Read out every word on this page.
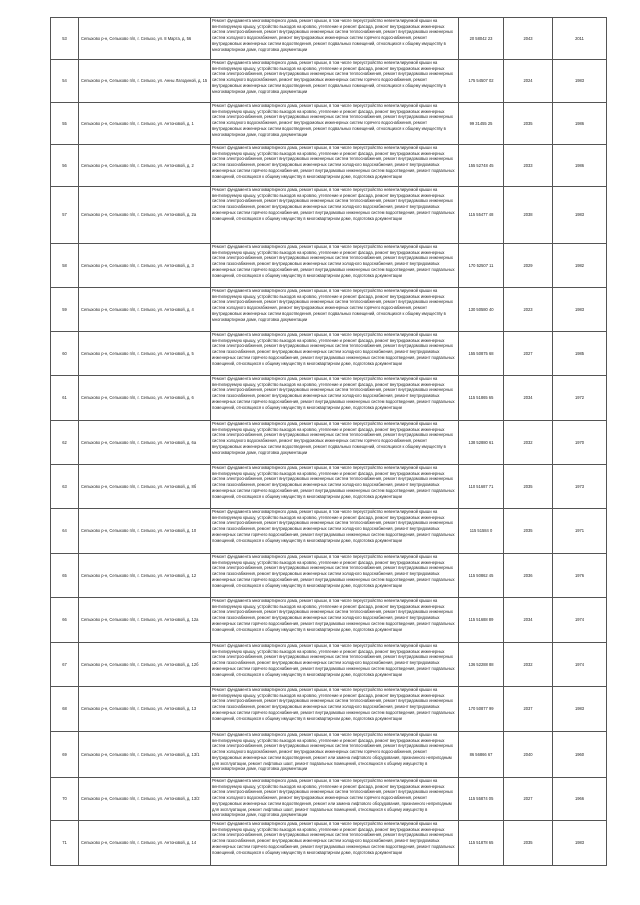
53	Сепыхово р-н, Сепыхово п/п, г. Сепыхо, ул. 8 Марта, д. 56	Ремонт фундамента многоквартирного дома, ремонт крыши, в том числе переустройство невентилируемой крыши на вентилируемую крышу, устройство выходов на кровлю, утепление и ремонт фасада, ремонт внутридомовых инженерных систем электроснабжения, ремонт внутридомовых инженерных систем теплоснабжения, ремонт внутридомовых инженерных систем холодного водоснабжения, ремонт внутридомовых инженерных систем горячего водоснабжения, ремонт внутридомовых инженерных систем водоотведения, ремонт подвальных помещений, относящихся к общему имуществу в многоквартирном доме, подготовка документации	20 58042 23	2043	2011

54	Сепыхово р-н, Сепыхово п/п, г. Сепыхо, ул. Анны Лагодиной, д. 15	Ремонт фундамента многоквартирного дома, ремонт крыши, в том числе переустройство невентилируемой крыши на вентилируемую крышу, устройство выходов на кровлю, утепление и ремонт фасада, ремонт внутридомовых инженерных систем электроснабжения, ремонт внутридомовых инженерных систем теплоснабжения, ремонт внутридомовых инженерных систем холодного водоснабжения, ремонт внутридомовых инженерных систем горячего водоснабжения, ремонт внутридомовых инженерных систем водоотведения, ремонт подвальных помещений, относящихся к общему имуществу в многоквартирном доме, подготовка документации	175 54507 02	2024	1983

55	Сепыхово р-н, Сепыхово п/п, г. Сепыхо, ул. Антоновой, д. 1	Ремонт фундамента многоквартирного дома, ремонт крыши, в том числе переустройство невентилируемой крыши на вентилируемую крышу, устройство выходов на кровлю, утепление и ремонт фасада, ремонт внутридомовых инженерных систем электроснабжения, ремонт внутридомовых инженерных систем теплоснабжения, ремонт внутридомовых инженерных систем холодного водоснабжения, ремонт внутридомовых инженерных систем горячего водоснабжения, ремонт внутридомовых инженерных систем водоотведения, ремонт подвальных помещений, относящихся к общему имуществу в многоквартирном доме, подготовка документации	99 31455 25	2035	1986

56	Сепыхово р-н, Сепыхово п/п, г. Сепыхо, ул. Антоновой, д. 2	Ремонт фундамента многоквартирного дома, ремонт крыши, в том числе переустройство невентилируемой крыши на вентилируемую крышу, устройство выходов на кровлю, утепление и ремонт фасада, ремонт внутридомовых инженерных систем электроснабжения, ремонт внутридомовых инженерных систем теплоснабжения, ремонт внутридомовых инженерных систем газоснабжения, ремонт внутридомовых инженерных систем холодного водоснабжения, ремонт внутридомовых инженерных систем горячего водоснабжения, ремонт внутридомовых инженерных систем водоотведения, ремонт подвальных помещений, относящихся к общему имуществу в многоквартирном доме, подготовка документации	155 52748 45	2033	1986

57	Сепыхово р-н, Сепыхово п/п, г. Сепыхо, ул. Антоновой, д. 2а	Ремонт фундамента многоквартирного дома, ремонт крыши, в том числе переустройство невентилируемой крыши на вентилируемую крышу, устройство выходов на кровлю, утепление и ремонт фасада, ремонт внутридомовых инженерных систем электроснабжения, ремонт внутридомовых инженерных систем теплоснабжения, ремонт внутридомовых инженерных систем газоснабжения, ремонт внутридомовых инженерных систем холодного водоснабжения, ремонт внутридомовых инженерных систем горячего водоснабжения, ремонт внутридомовых инженерных систем водоотведения, ремонт подвальных помещений, относящихся к общему имуществу в многоквартирном доме, подготовка документации	115 55477 48	2038	1983

58	Сепыхово р-н, Сепыхово п/п, г. Сепыхо, ул. Антоновой, д. 3	Ремонт фундамента многоквартирного дома, ремонт крыши, в том числе переустройство невентилируемой крыши на вентилируемую крышу, устройство выходов на кровлю, утепление и ремонт фасада, ремонт внутридомовых инженерных систем электроснабжения, ремонт внутридомовых инженерных систем теплоснабжения, ремонт внутридомовых инженерных систем газоснабжения, ремонт внутридомовых инженерных систем холодного водоснабжения, ремонт внутридомовых инженерных систем горячего водоснабжения, ремонт внутридомовых инженерных систем водоотведения, ремонт подвальных помещений, относящихся к общему имуществу в многоквартирном доме, подготовка документации	170 52507 11	2029	1982

59	Сепыхово р-н, Сепыхово п/п, г. Сепыхо, ул. Антоновой, д. 4	Ремонт фундамента многоквартирного дома, ремонт крыши, в том числе переустройство невентилируемой крыши на вентилируемую крышу, устройство выходов на кровлю, утепление и ремонт фасада, ремонт внутридомовых инженерных систем электроснабжения, ремонт внутридомовых инженерных систем теплоснабжения, ремонт внутридомовых инженерных систем холодного водоснабжения, ремонт внутридомовых инженерных систем горячего водоснабжения, ремонт внутридомовых инженерных систем водоотведения, ремонт подвальных помещений, относящихся к общему имуществу в многоквартирном доме, подготовка документации	130 50580 40	2023	1983

60	Сепыхово р-н, Сепыхово п/п, г. Сепыхо, ул. Антоновой, д. 5	Ремонт фундамента многоквартирного дома, ремонт крыши, в том числе переустройство невентилируемой крыши на вентилируемую крышу, устройство выходов на кровлю, утепление и ремонт фасада, ремонт внутридомовых инженерных систем электроснабжения, ремонт внутридомовых инженерных систем теплоснабжения, ремонт внутридомовых инженерных систем газоснабжения, ремонт внутридомовых инженерных систем холодного водоснабжения, ремонт внутридомовых инженерных систем горячего водоснабжения, ремонт внутридомовых инженерных систем водоотведения, ремонт подвальных помещений, относящихся к общему имуществу в многоквартирном доме, подготовка документации	155 50875 68	2027	1985

61	Сепыхово р-н, Сепыхово п/п, г. Сепыхо, ул. Антоновой, д. 6	Ремонт фундамента многоквартирного дома, ремонт крыши, в том числе переустройство невентилируемой крыши на вентилируемую крышу, устройство выходов на кровлю, утепление и ремонт фасада, ремонт внутридомовых инженерных систем электроснабжения, ремонт внутридомовых инженерных систем теплоснабжения, ремонт внутридомовых инженерных систем газоснабжения, ремонт внутридомовых инженерных систем холодного водоснабжения, ремонт внутридомовых инженерных систем горячего водоснабжения, ремонт внутридомовых инженерных систем водоотведения, ремонт подвальных помещений, относящихся к общему имуществу в многоквартирном доме, подготовка документации	115 51865 65	2034	1972

62	Сепыхово р-н, Сепыхово п/п, г. Сепыхо, ул. Антоновой, д. 6а	Ремонт фундамента многоквартирного дома, ремонт крыши, в том числе переустройство невентилируемой крыши на вентилируемую крышу, устройство выходов на кровлю, утепление и ремонт фасада, ремонт внутридомовых инженерных систем электроснабжения, ремонт внутридомовых инженерных систем теплоснабжения, ремонт внутридомовых инженерных систем холодного водоснабжения, ремонт внутридомовых инженерных систем горячего водоснабжения, ремонт внутридомовых инженерных систем водоотведения, ремонт подвальных помещений, относящихся к общему имуществу в многоквартирном доме, подготовка документации	138 52880 61	2032	1970

63	Сепыхово р-н, Сепыхово п/п, г. Сепыхо, ул. Антоновой, д. 8б	Ремонт фундамента многоквартирного дома, ремонт крыши, в том числе переустройство невентилируемой крыши на вентилируемую крышу, устройство выходов на кровлю, утепление и ремонт фасада, ремонт внутридомовых инженерных систем электроснабжения, ремонт внутридомовых инженерных систем теплоснабжения, ремонт внутридомовых инженерных систем газоснабжения, ремонт внутридомовых инженерных систем холодного водоснабжения, ремонт внутридомовых инженерных систем горячего водоснабжения, ремонт внутридомовых инженерных систем водоотведения, ремонт подвальных помещений, относящихся к общему имуществу в многоквартирном доме, подготовка документации	110 51687 71	2035	1973

64	Сепыхово р-н, Сепыхово п/п, г. Сепыхо, ул. Антоновой, д. 10	Ремонт фундамента многоквартирного дома, ремонт крыши, в том числе переустройство невентилируемой крыши на вентилируемую крышу, устройство выходов на кровлю, утепление и ремонт фасада, ремонт внутридомовых инженерных систем электроснабжения, ремонт внутридомовых инженерных систем теплоснабжения, ремонт внутридомовых инженерных систем газоснабжения, ремонт внутридомовых инженерных систем холодного водоснабжения, ремонт внутридомовых инженерных систем горячего водоснабжения, ремонт внутридомовых инженерных систем водоотведения, ремонт подвальных помещений, относящихся к общему имуществу в многоквартирном доме, подготовка документации	115 51584 0	2035	1971

65	Сепыхово р-н, Сепыхово п/п, г. Сепыхо, ул. Антоновой, д. 12	Ремонт фундамента многоквартирного дома, ремонт крыши, в том числе переустройство невентилируемой крыши на вентилируемую крышу, устройство выходов на кровлю, утепление и ремонт фасада, ремонт внутридомовых инженерных систем электроснабжения, ремонт внутридомовых инженерных систем теплоснабжения, ремонт внутридомовых инженерных систем газоснабжения, ремонт внутридомовых инженерных систем холодного водоснабжения, ремонт внутридомовых инженерных систем горячего водоснабжения, ремонт внутридомовых инженерных систем водоотведения, ремонт подвальных помещений, относящихся к общему имуществу в многоквартирном доме, подготовка документации	115 50862 45	2036	1976

66	Сепыхово р-н, Сепыхово п/п, г. Сепыхо, ул. Антоновой, д. 12а	Ремонт фундамента многоквартирного дома, ремонт крыши, в том числе переустройство невентилируемой крыши на вентилируемую крышу, устройство выходов на кровлю, утепление и ремонт фасада, ремонт внутридомовых инженерных систем электроснабжения, ремонт внутридомовых инженерных систем теплоснабжения, ремонт внутридомовых инженерных систем газоснабжения, ремонт внутридомовых инженерных систем холодного водоснабжения, ремонт внутридомовых инженерных систем горячего водоснабжения, ремонт внутридомовых инженерных систем водоотведения, ремонт подвальных помещений, относящихся к общему имуществу в многоквартирном доме, подготовка документации	115 51688 89	2034	1974

67	Сепыхово р-н, Сепыхово п/п, г. Сепыхо, ул. Антоновой, д. 12б	Ремонт фундамента многоквартирного дома, ремонт крыши, в том числе переустройство невентилируемой крыши на вентилируемую крышу, устройство выходов на кровлю, утепление и ремонт фасада, ремонт внутридомовых инженерных систем электроснабжения, ремонт внутридомовых инженерных систем теплоснабжения, ремонт внутридомовых инженерных систем газоснабжения, ремонт внутридомовых инженерных систем холодного водоснабжения, ремонт внутридомовых инженерных систем горячего водоснабжения, ремонт внутридомовых инженерных систем водоотведения, ремонт подвальных помещений, относящихся к общему имуществу в многоквартирном доме, подготовка документации	136 52288 88	2032	1974

68	Сепыхово р-н, Сепыхово п/п, г. Сепыхо, ул. Антоновой, д. 13	Ремонт фундамента многоквартирного дома, ремонт крыши, в том числе переустройство невентилируемой крыши на вентилируемую крышу, устройство выходов на кровлю, утепление и ремонт фасада, ремонт внутридомовых инженерных систем электроснабжения, ремонт внутридомовых инженерных систем теплоснабжения, ремонт внутридомовых инженерных систем газоснабжения, ремонт внутридомовых инженерных систем холодного водоснабжения, ремонт внутридомовых инженерных систем горячего водоснабжения, ремонт внутридомовых инженерных систем водоотведения, ремонт подвальных помещений, относящихся к общему имуществу в многоквартирном доме, подготовка документации	170 50877 99	2037	1983

69	Сепыхово р-н, Сепыхово п/п, г. Сепыхо, ул. Антоновой, д. 13/1	Ремонт фундамента многоквартирного дома, ремонт крыши, в том числе переустройство невентилируемой крыши на вентилируемую крышу, устройство выходов на кровлю, утепление и ремонт фасада, ремонт внутридомовых инженерных систем электроснабжения, ремонт внутридомовых инженерных систем теплоснабжения, ремонт внутридомовых инженерных систем холодного водоснабжения, ремонт внутридомовых инженерных систем горячего водоснабжения, ремонт внутридомовых инженерных систем водоотведения, ремонт или замена лифтового оборудования, признанного непригодным для эксплуатации, ремонт лифтовых шахт, ремонт подвальных помещений, относящихся к общему имуществу в многоквартирном доме, подготовка документации	86 56866 67	2040	1960

70	Сепыхово р-н, Сепыхово п/п, г. Сепыхо, ул. Антоновой, д. 13/2	Ремонт фундамента многоквартирного дома, ремонт крыши, в том числе переустройство невентилируемой крыши на вентилируемую крышу, устройство выходов на кровлю, утепление и ремонт фасада, ремонт внутридомовых инженерных систем электроснабжения, ремонт внутридомовых инженерных систем теплоснабжения, ремонт внутридомовых инженерных систем холодного водоснабжения, ремонт внутридомовых инженерных систем горячего водоснабжения, ремонт внутридомовых инженерных систем водоотведения, ремонт или замена лифтового оборудования, признанного непригодным для эксплуатации, ремонт лифтовых шахт, ремонт подвальных помещений, относящихся к общему имуществу в многоквартирном доме, подготовка документации	115 55874 05	2027	1966

71	Сепыхово р-н, Сепыхово п/п, г. Сепыхо, ул. Антоновой, д. 14	Ремонт фундамента многоквартирного дома, ремонт крыши, в том числе переустройство невентилируемой крыши на вентилируемую крышу, устройство выходов на кровлю, утепление и ремонт фасада, ремонт внутридомовых инженерных систем электроснабжения, ремонт внутридомовых инженерных систем теплоснабжения, ремонт внутридомовых инженерных систем газоснабжения, ремонт внутридомовых инженерных систем холодного водоснабжения, ремонт внутридомовых инженерных систем горячего водоснабжения, ремонт внутридомовых инженерных систем водоотведения, ремонт подвальных помещений, относящихся к общему имуществу в многоквартирном доме, подготовка документации	115 51878 65	2035	1983
